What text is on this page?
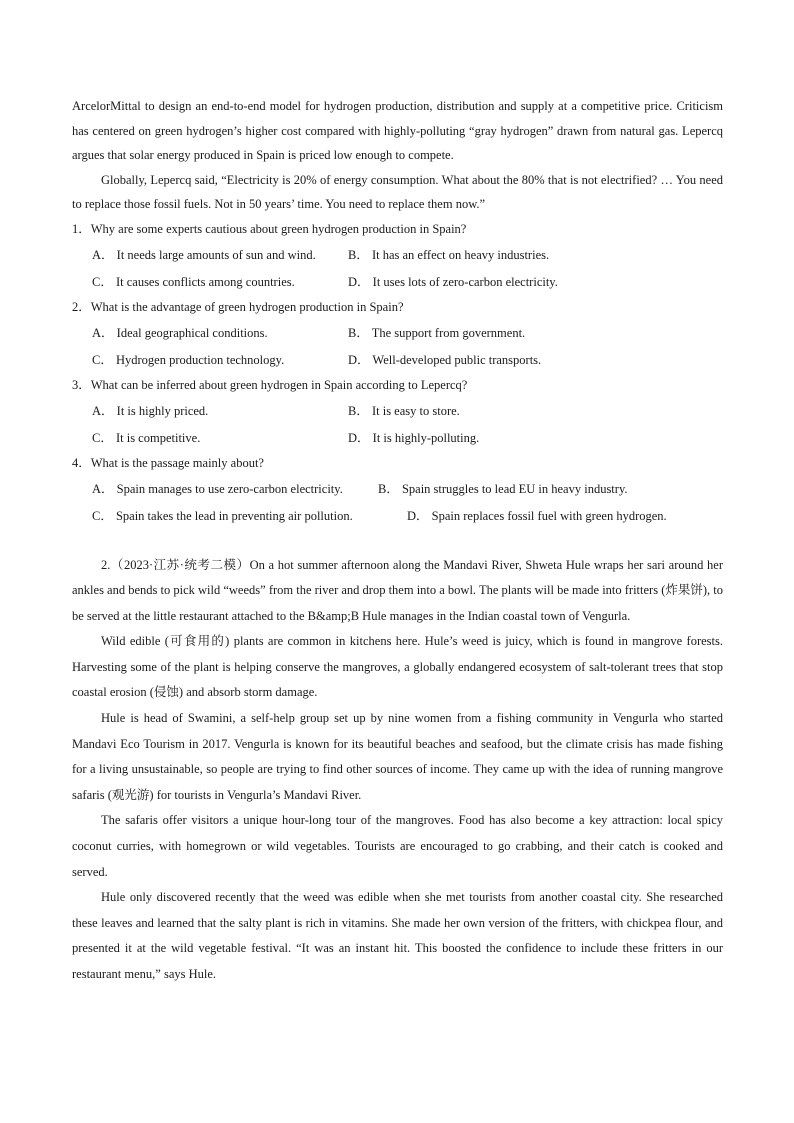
ArcelorMittal to design an end-to-end model for hydrogen production, distribution and supply at a competitive price. Criticism has centered on green hydrogen’s higher cost compared with highly-polluting “gray hydrogen” drawn from natural gas. Lepercq argues that solar energy produced in Spain is priced low enough to compete.

Globally, Lepercq said, “Electricity is 20% of energy consumption. What about the 80% that is not electrified? … You need to replace those fossil fuels. Not in 50 years’ time. You need to replace them now.”

1．Why are some experts cautious about green hydrogen production in Spain?

A． It needs large amounts of sun and wind.	B． It has an effect on heavy industries.
C． It causes conflicts among countries.	D． It uses lots of zero-carbon electricity.

2．What is the advantage of green hydrogen production in Spain?

A． Ideal geographical conditions.	B． The support from government.
C． Hydrogen production technology.	D． Well-developed public transports.

3．What can be inferred about green hydrogen in Spain according to Lepercq?

A． It is highly priced.	B． It is easy to store.
C． It is competitive.	D． It is highly-polluting.

4．What is the passage mainly about?

A． Spain manages to use zero-carbon electricity.	B． Spain struggles to lead EU in heavy industry.
C． Spain takes the lead in preventing air pollution.	D． Spain replaces fossil fuel with green hydrogen.

2.（2023·江苏·统考二模）On a hot summer afternoon along the Mandavi River, Shweta Hule wraps her sari around her ankles and bends to pick wild “weeds” from the river and drop them into a bowl. The plants will be made into fritters (炸果饼), to be served at the little restaurant attached to the B&amp;B Hule manages in the Indian coastal town of Vengurla.

Wild edible (可食用的) plants are common in kitchens here. Hule’s weed is juicy, which is found in mangrove forests. Harvesting some of the plant is helping conserve the mangroves, a globally endangered ecosystem of salt-tolerant trees that stop coastal erosion (侵蚀) and absorb storm damage.

Hule is head of Swamini, a self-help group set up by nine women from a fishing community in Vengurla who started Mandavi Eco Tourism in 2017. Vengurla is known for its beautiful beaches and seafood, but the climate crisis has made fishing for a living unsustainable, so people are trying to find other sources of income. They came up with the idea of running mangrove safaris (观光游) for tourists in Vengurla’s Mandavi River.

The safaris offer visitors a unique hour-long tour of the mangroves. Food has also become a key attraction: local spicy coconut curries, with homegrown or wild vegetables. Tourists are encouraged to go crabbing, and their catch is cooked and served.

Hule only discovered recently that the weed was edible when she met tourists from another coastal city. She researched these leaves and learned that the salty plant is rich in vitamins. She made her own version of the fritters, with chickpea flour, and presented it at the wild vegetable festival. “It was an instant hit. This boosted the confidence to include these fritters in our restaurant menu,” says Hule.
